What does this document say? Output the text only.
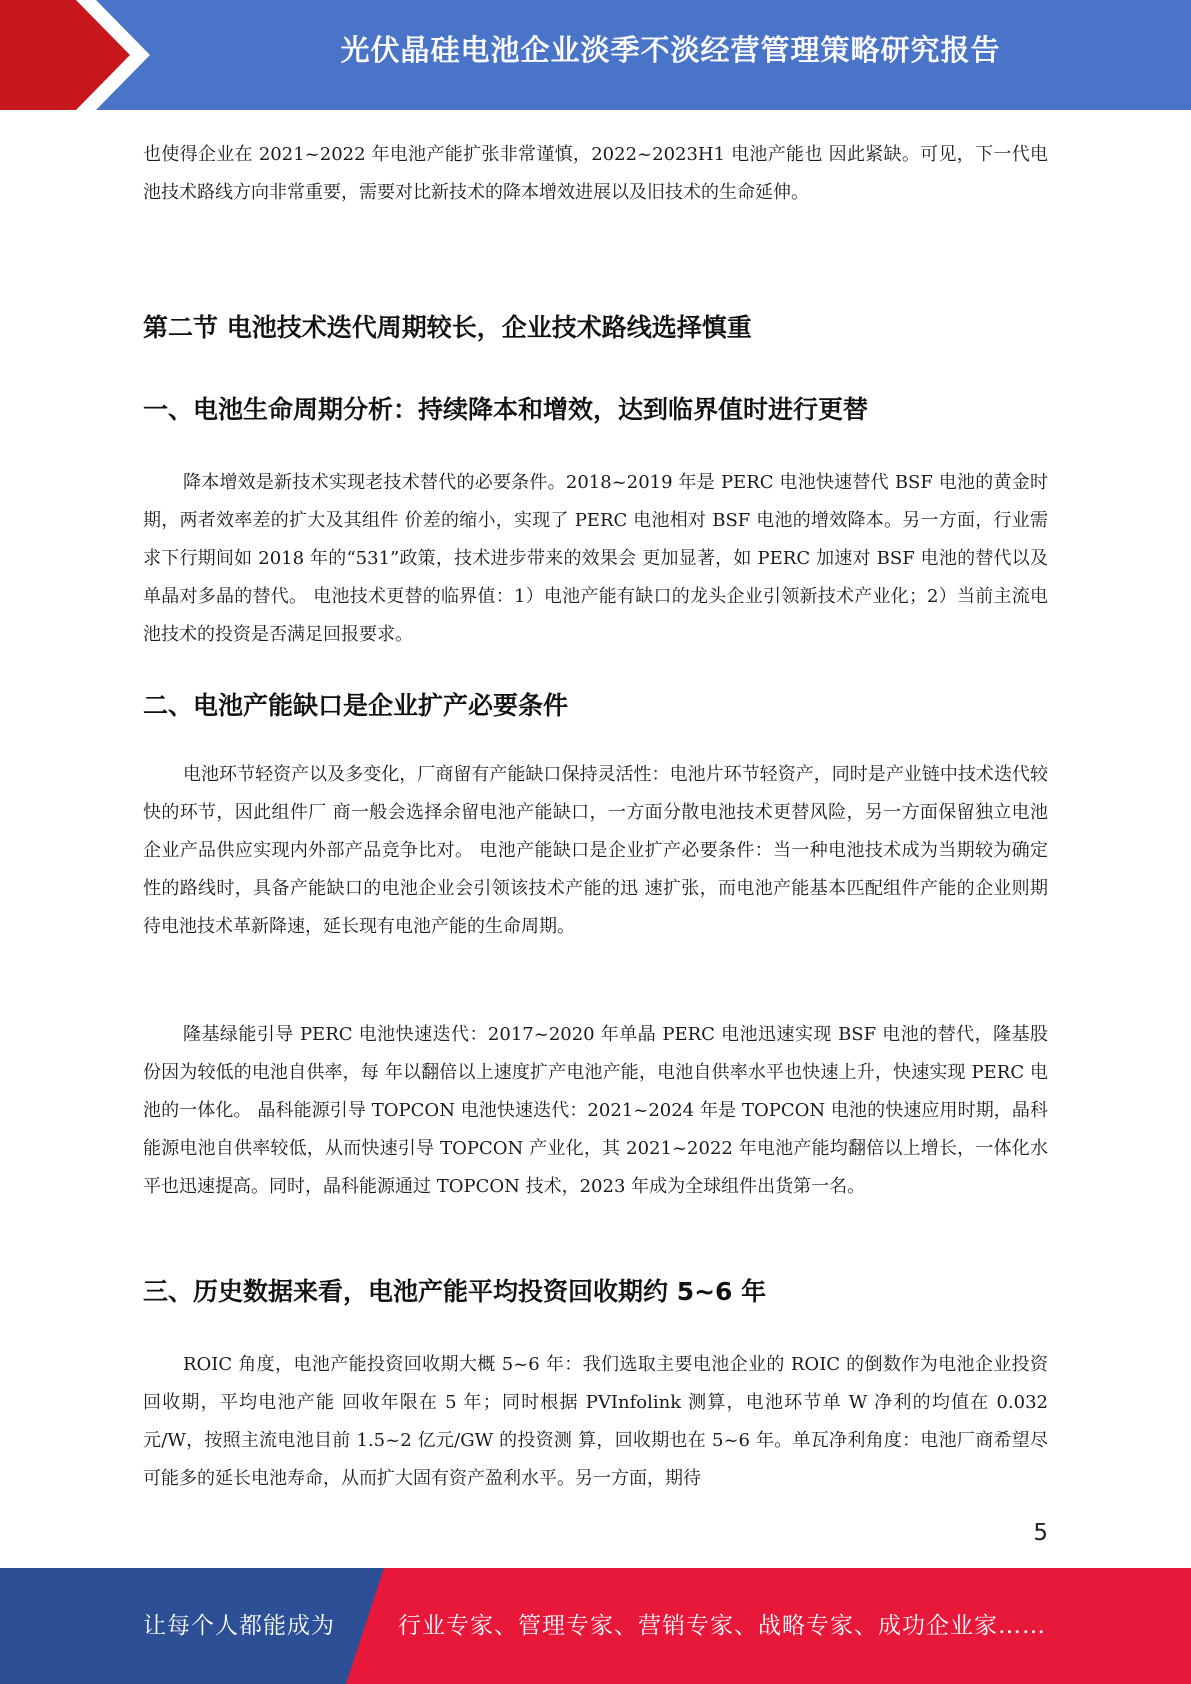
光伏晶硅电池企业淡季不淡经营管理策略研究报告

也使得企业在 2021~2022 年电池产能扩张非常谨慎，2022~2023H1 电池产能也 因此紧缺。可见，下一代电池技术路线方向非常重要，需要对比新技术的降本增效进展以及旧技术的生命延伸。

第二节 电池技术迭代周期较长，企业技术路线选择慎重
一、电池生命周期分析：持续降本和增效，达到临界值时进行更替

降本增效是新技术实现老技术替代的必要条件。2018~2019 年是 PERC 电池快速替代 BSF 电池的黄金时期，两者效率差的扩大及其组件 价差的缩小，实现了 PERC 电池相对 BSF 电池的增效降本。另一方面，行业需求下行期间如 2018 年的“531”政策，技术进步带来的效果会 更加显著，如 PERC 加速对 BSF 电池的替代以及单晶对多晶的替代。 电池技术更替的临界值：1）电池产能有缺口的龙头企业引领新技术产业化；2）当前主流电池技术的投资是否满足回报要求。

二、电池产能缺口是企业扩产必要条件

电池环节轻资产以及多变化，厂商留有产能缺口保持灵活性：电池片环节轻资产，同时是产业链中技术迭代较快的环节，因此组件厂 商一般会选择余留电池产能缺口，一方面分散电池技术更替风险，另一方面保留独立电池企业产品供应实现内外部产品竞争比对。 电池产能缺口是企业扩产必要条件：当一种电池技术成为当期较为确定性的路线时，具备产能缺口的电池企业会引领该技术产能的迅 速扩张，而电池产能基本匹配组件产能的企业则期待电池技术革新降速，延长现有电池产能的生命周期。

隆基绿能引导 PERC 电池快速迭代：2017~2020 年单晶 PERC 电池迅速实现 BSF 电池的替代，隆基股份因为较低的电池自供率，每 年以翻倍以上速度扩产电池产能，电池自供率水平也快速上升，快速实现 PERC 电池的一体化。 晶科能源引导 TOPCON 电池快速迭代：2021~2024 年是 TOPCON 电池的快速应用时期，晶科能源电池自供率较低，从而快速引导 TOPCON 产业化，其 2021~2022 年电池产能均翻倍以上增长，一体化水平也迅速提高。同时，晶科能源通过 TOPCON 技术，2023 年成为全球组件出货第一名。

三、历史数据来看，电池产能平均投资回收期约 5~6 年

ROIC 角度，电池产能投资回收期大概 5~6 年：我们选取主要电池企业的 ROIC 的倒数作为电池企业投资回收期，平均电池产能 回收年限在 5 年；同时根据 PVInfolink 测算，电池环节单 W 净利的均值在 0.032 元/W，按照主流电池目前 1.5~2 亿元/GW 的投资测 算，回收期也在 5~6 年。单瓦净利角度：电池厂商希望尽可能多的延长电池寿命，从而扩大固有资产盈利水平。另一方面，期待

5
让每个人都能成为	行业专家、管理专家、营销专家、战略专家、成功企业家……
